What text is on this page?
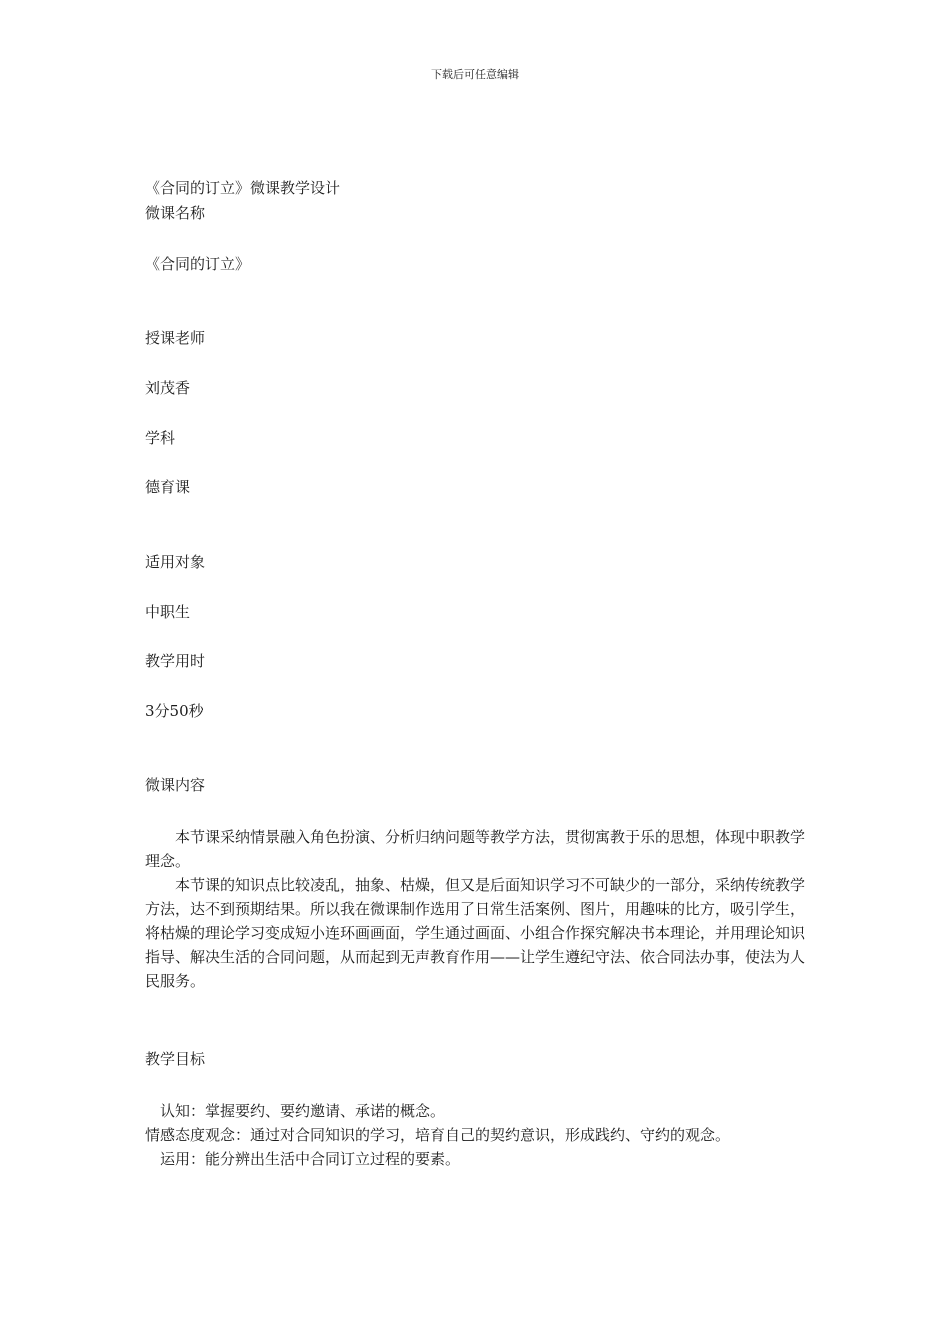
下载后可任意编辑
《合同的订立》微课教学设计
微课名称
《合同的订立》
授课老师
刘茂香
学科
德育课
适用对象
中职生
教学用时
3分50秒
微课内容

本节课采纳情景融入角色扮演、分析归纳问题等教学方法，贯彻寓教于乐的思想，体现中职教学理念。

本节课的知识点比较凌乱，抽象、枯燥，但又是后面知识学习不可缺少的一部分，采纳传统教学方法，达不到预期结果。所以我在微课制作选用了日常生活案例、图片，用趣味的比方，吸引学生，将枯燥的理论学习变成短小连环画画面，学生通过画面、小组合作探究解决书本理论，并用理论知识指导、解决生活的合同问题，从而起到无声教育作用——让学生遵纪守法、依合同法办事，使法为人民服务。

教学目标

认知：掌握要约、要约邀请、承诺的概念。

情感态度观念：通过对合同知识的学习，培育自己的契约意识，形成践约、守约的观念。

运用：能分辨出生活中合同订立过程的要素。
